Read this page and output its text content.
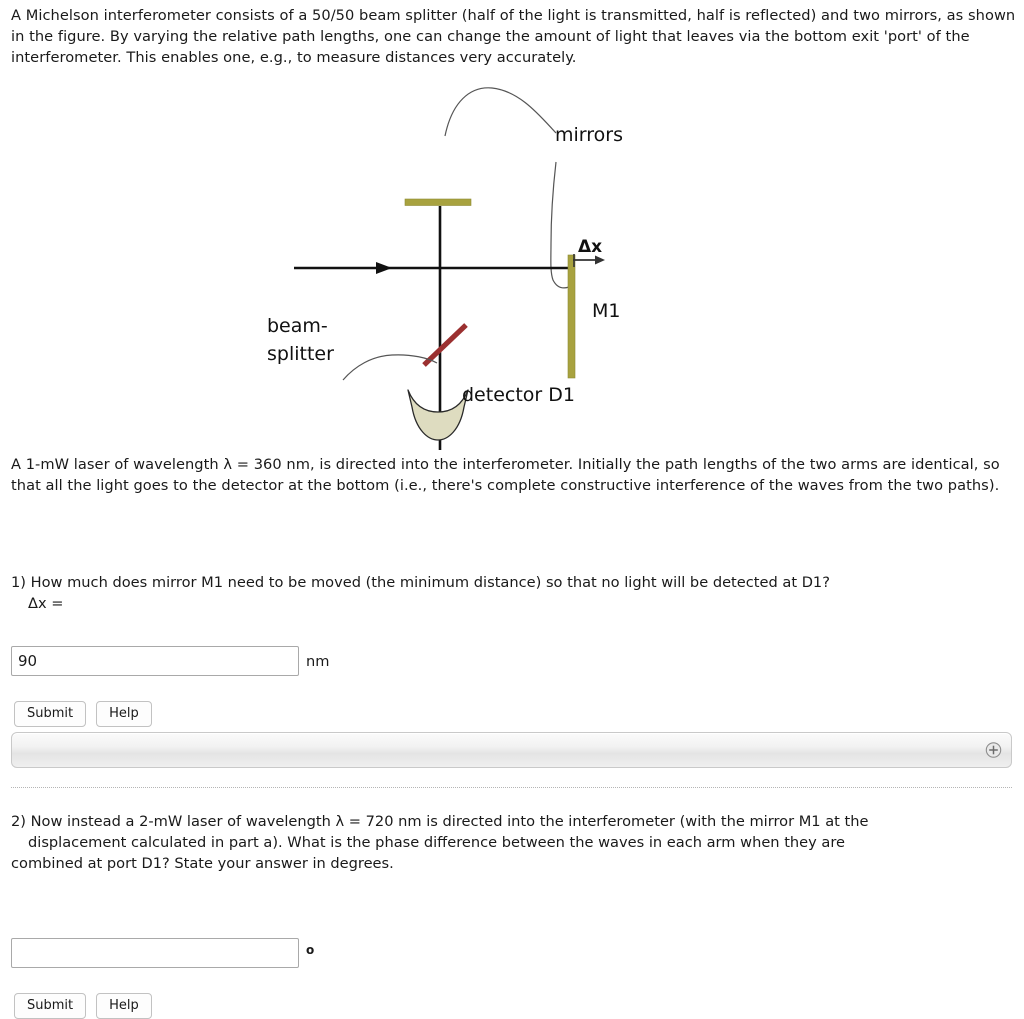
A Michelson interferometer consists of a 50/50 beam splitter (half of the light is transmitted, half is reflected) and two mirrors, as shown in the figure. By varying the relative path lengths, one can change the amount of light that leaves via the bottom exit 'port' of the interferometer. This enables one, e.g., to measure distances very accurately.
mirrors
Δx
M1
beam-
splitter
detector D1
A 1-mW laser of wavelength λ = 360 nm, is directed into the interferometer. Initially the path lengths of the two arms are identical, so that all the light goes to the detector at the bottom (i.e., there's complete constructive interference of the waves from the two paths).
1) How much does mirror M1 need to be moved (the minimum distance) so that no light will be detected at D1?
Δx =
90
nm
Submit	Help
2) Now instead a 2-mW laser of wavelength λ = 720 nm is directed into the interferometer (with the mirror M1 at the
displacement calculated in part a). What is the phase difference between the waves in each arm when they are
combined at port D1? State your answer in degrees.
o
Submit	Help
